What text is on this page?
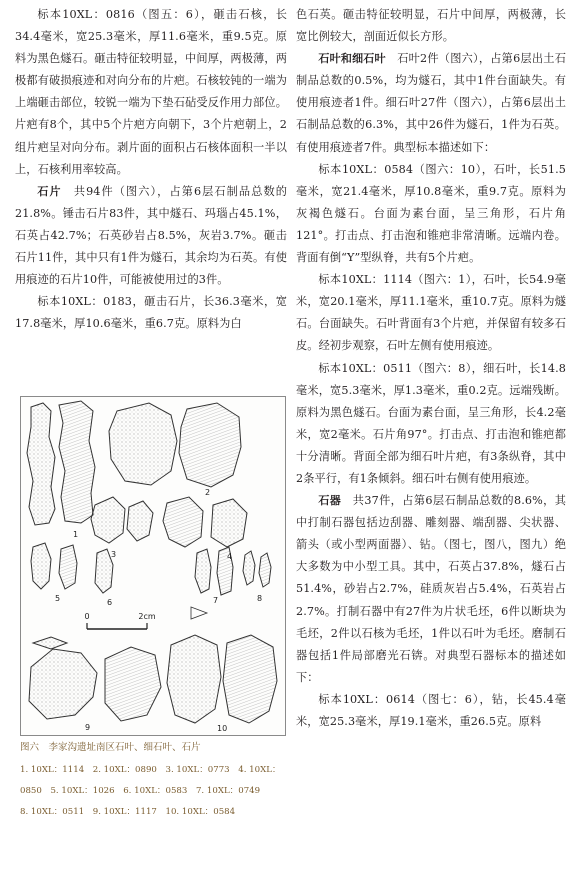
标本10XL：0816（图五：6），砸击石核，长34.4毫米，宽25.3毫米，厚11.6毫米，重9.5克。原料为黑色燧石。砸击特征较明显，中间厚，两极薄，两极都有破损痕迹和对向分布的片疤。石核较钝的一端为上端砸击部位，较锐一端为下垫石砧受反作用力部位。片疤有8个，其中5个片疤方向朝下，3个片疤朝上，2组片疤呈对向分布。剥片面的面积占石核体面积一半以上，石核利用率较高。

石片　 共94件（图六），占第6层石制品总数的21.8%。锤击石片83件，其中燧石、玛瑙占45.1%，石英占42.7%；石英砂岩占8.5%，灰岩3.7%。砸击石片11件，其中只有1件为燧石，其余均为石英。有使用痕迹的石片10件，可能被使用过的3件。

标本10XL：0183，砸击石片，长36.3毫米，宽17.8毫米，厚10.6毫米，重6.7克。原料为白

0	2cm
1
2
3	4
5	6	7	8
9	10

图六　李家沟遗址南区石叶、细石叶、石片

1. 10XL：1114　2. 10XL：0890　3. 10XL：0773　4. 10XL：
0850　5. 10XL：1026　6. 10XL：0583　7. 10XL：0749
8. 10XL：0511　9. 10XL：1117　10. 10XL：0584

色石英。砸击特征较明显，石片中间厚，两极薄，长宽比例较大，剖面近似长方形。

石叶和细石叶　 石叶2件（图六），占第6层出土石制品总数的0.5%，均为燧石，其中1件台面缺失。有使用痕迹者1件。细石叶27件（图六），占第6层出土石制品总数的6.3%，其中26件为燧石，1件为石英。有使用痕迹者7件。典型标本描述如下：

标本10XL：0584（图六：10），石叶，长51.5毫米，宽21.4毫米，厚10.8毫米，重9.7克。原料为灰褐色燧石。台面为素台面，呈三角形，石片角121°。打击点、打击泡和锥疤非常清晰。远端内卷。背面有倒“Y”型纵脊，共有5个片疤。

标本10XL：1114（图六：1），石叶，长54.9毫米，宽20.1毫米，厚11.1毫米，重10.7克。原料为燧石。台面缺失。石叶背面有3个片疤，并保留有较多石皮。经初步观察，石叶左侧有使用痕迹。

标本10XL：0511（图六：8），细石叶，长14.8毫米，宽5.3毫米，厚1.3毫米，重0.2克。远端残断。原料为黑色燧石。台面为素台面，呈三角形，长4.2毫米，宽2毫米。石片角97°。打击点、打击泡和锥疤都十分清晰。背面全部为细石叶片疤，有3条纵脊，其中2条平行，有1条倾斜。细石叶右侧有使用痕迹。

石器　 共37件，占第6层石制品总数的8.6%，其中打制石器包括边刮器、雕刻器、端刮器、尖状器、箭头（或小型两面器）、钻。（图七，图八，图九）绝大多数为中小型工具。其中，石英占37.8%，燧石占51.4%，砂岩占2.7%，硅质灰岩占5.4%，石英岩占2.7%。打制石器中有27件为片状毛坯，6件以断块为毛坯，2件以石核为毛坯，1件以石叶为毛坯。磨制石器包括1件局部磨光石锛。对典型石器标本的描述如下：

标本10XL：0614（图七：6），钻，长45.4毫米，宽25.3毫米，厚19.1毫米，重26.5克。原料
